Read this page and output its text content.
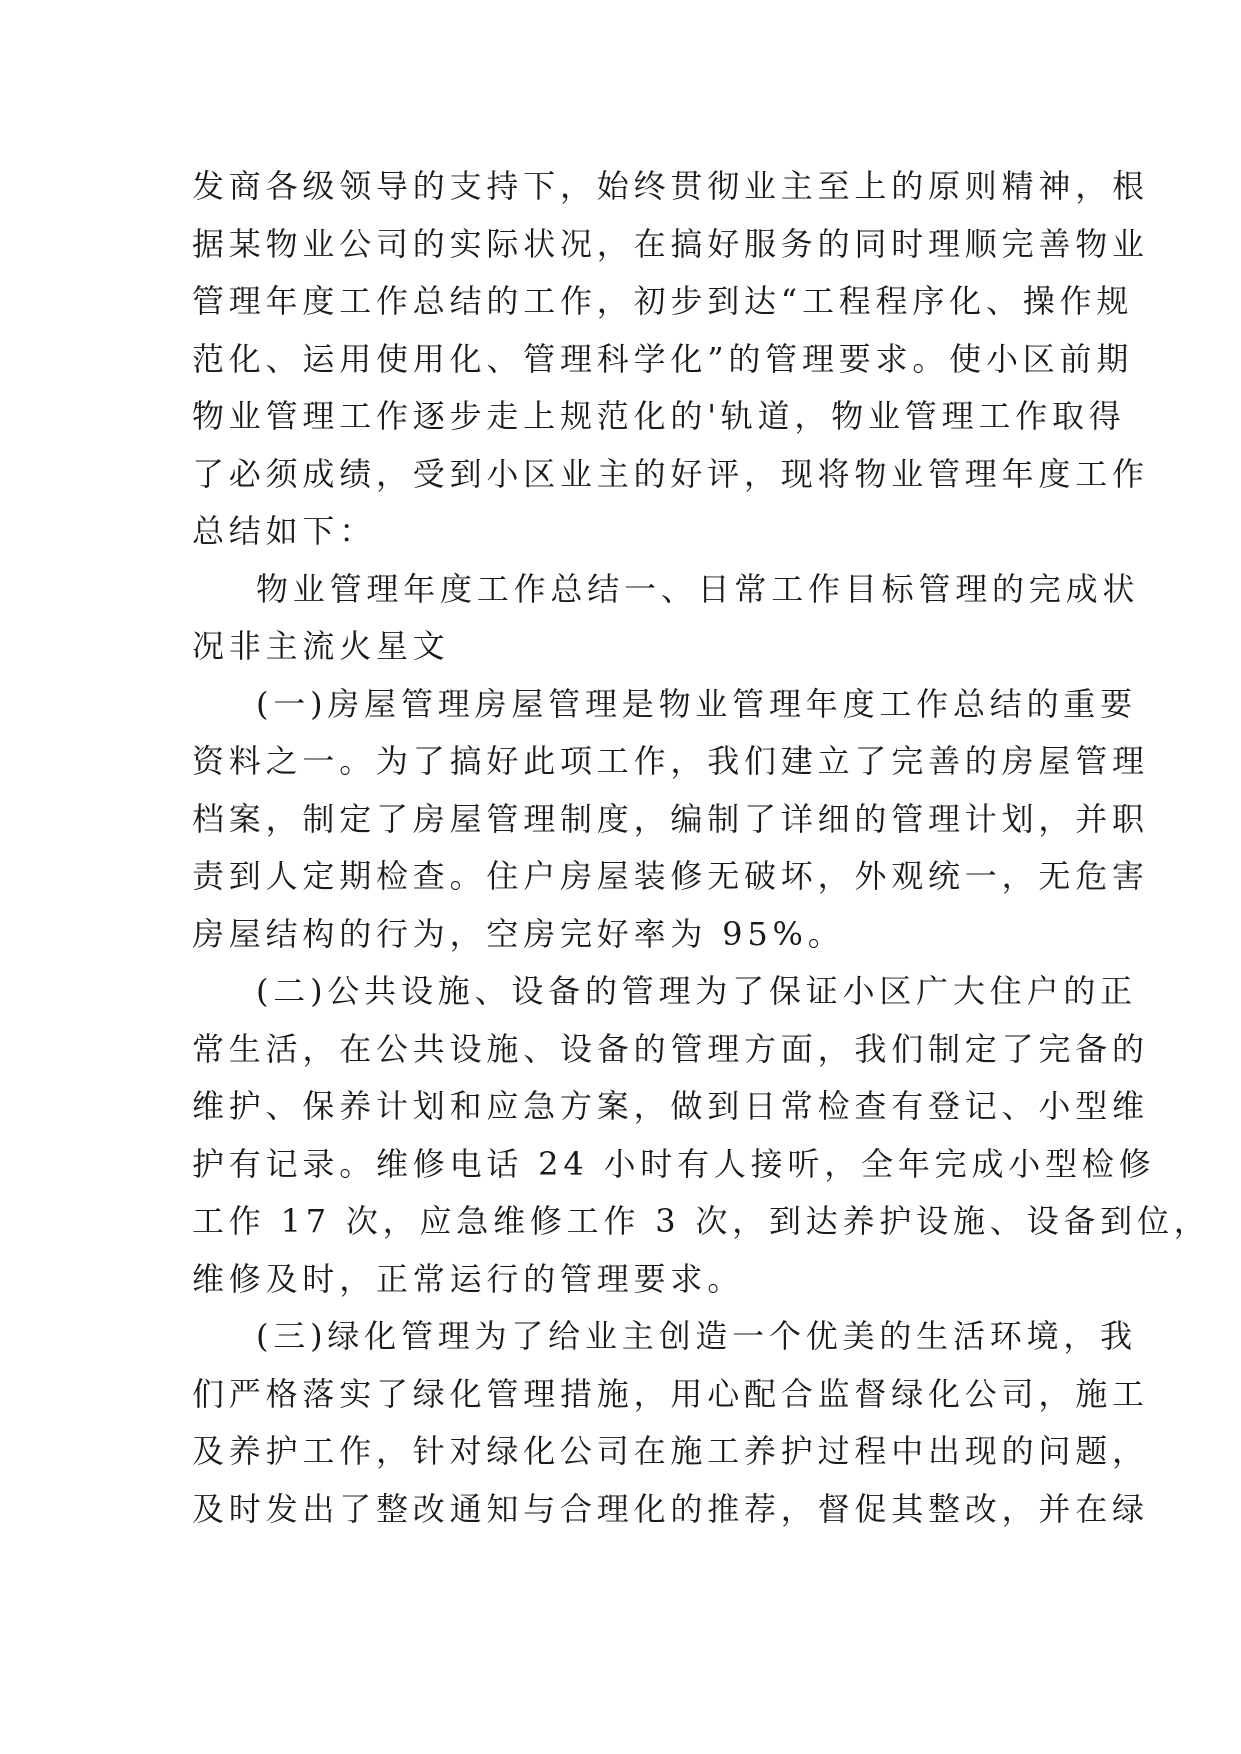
发商各级领导的支持下，始终贯彻业主至上的原则精神，根
据某物业公司的实际状况，在搞好服务的同时理顺完善物业
管理年度工作总结的工作，初步到达“工程程序化、操作规
范化、运用使用化、管理科学化”的管理要求。使小区前期
物业管理工作逐步走上规范化的'轨道，物业管理工作取得
了必须成绩，受到小区业主的好评，现将物业管理年度工作
总结如下：
物业管理年度工作总结一、日常工作目标管理的完成状
况非主流火星文
(一)房屋管理房屋管理是物业管理年度工作总结的重要
资料之一。为了搞好此项工作，我们建立了完善的房屋管理
档案，制定了房屋管理制度，编制了详细的管理计划，并职
责到人定期检查。住户房屋装修无破坏，外观统一，无危害
房屋结构的行为，空房完好率为 95%。
(二)公共设施、设备的管理为了保证小区广大住户的正
常生活，在公共设施、设备的管理方面，我们制定了完备的
维护、保养计划和应急方案，做到日常检查有登记、小型维
护有记录。维修电话 24 小时有人接听，全年完成小型检修
工作 17 次，应急维修工作 3 次，到达养护设施、设备到位，
维修及时，正常运行的管理要求。
(三)绿化管理为了给业主创造一个优美的生活环境，我
们严格落实了绿化管理措施，用心配合监督绿化公司，施工
及养护工作，针对绿化公司在施工养护过程中出现的问题，
及时发出了整改通知与合理化的推荐，督促其整改，并在绿
